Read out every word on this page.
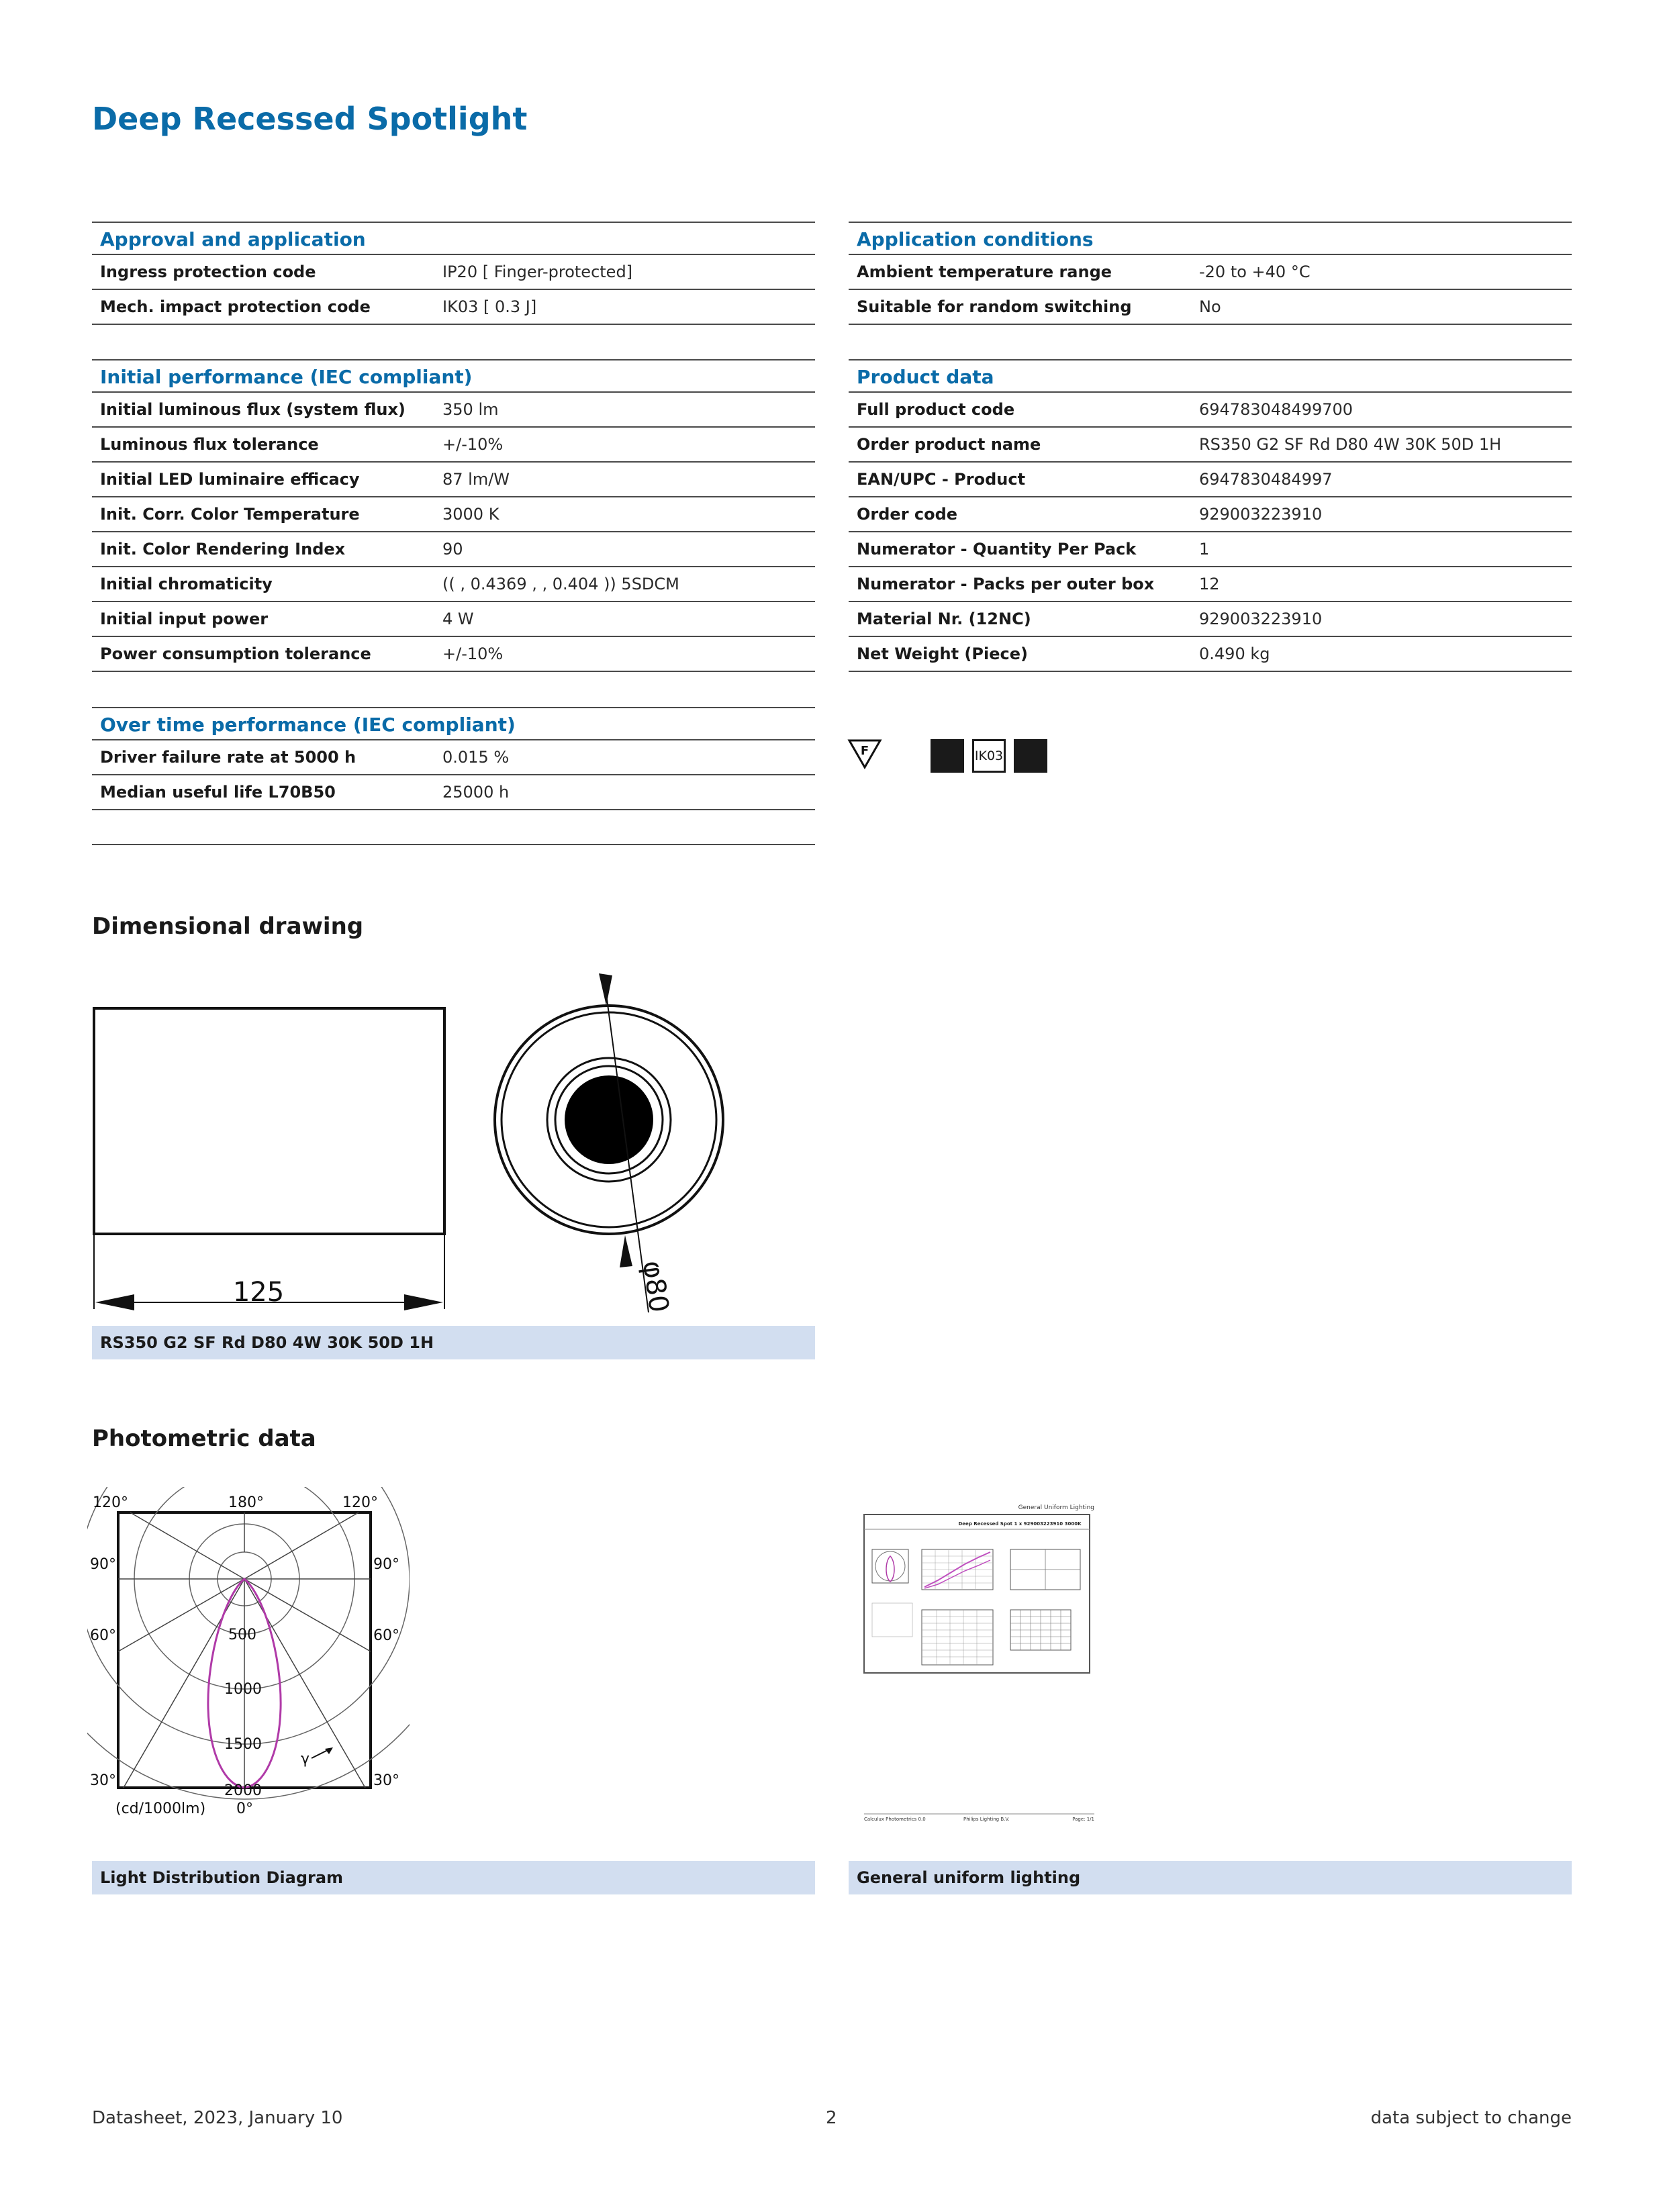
Deep Recessed Spotlight
Approval and application
Ingress protection code	IP20 [ Finger-protected]
Mech. impact protection code	IK03 [ 0.3 J]
Initial performance (IEC compliant)
Initial luminous flux (system flux)	350 lm
Luminous flux tolerance	+/-10%
Initial LED luminaire efficacy	87 lm/W
Init. Corr. Color Temperature	3000 K
Init. Color Rendering Index	90
Initial chromaticity	(( , 0.4369 , , 0.404 )) 5SDCM
Initial input power	4 W
Power consumption tolerance	+/-10%
Over time performance (IEC compliant)
Driver failure rate at 5000 h	0.015 %
Median useful life L70B50	25000 h
Application conditions
Ambient temperature range	-20 to +40 °C
Suitable for random switching	No
Product data
Full product code	694783048499700
Order product name	RS350 G2 SF Rd D80 4W 30K 50D 1H
EAN/UPC - Product	6947830484997
Order code	929003223910
Numerator - Quantity Per Pack	1
Numerator - Packs per outer box	12
Material Nr. (12NC)	929003223910
Net Weight (Piece)	0.490 kg
F	IK03
Dimensional drawing
125	φ80
RS350 G2 SF Rd D80 4W 30K 50D 1H
Photometric data
120°	180°	120°
90°
60°
30°
90°
60°
30°
0°
(cd/1000lm)
500
1000
1500
2000
γ
General Uniform Lighting
Deep Recessed Spot 1 x 929003223910 3000K
Calculux Photometrics 0.0	Philips Lighting B.V.	Page: 1/1
Light Distribution Diagram	General uniform lighting
Datasheet, 2023, January 10	2	data subject to change
